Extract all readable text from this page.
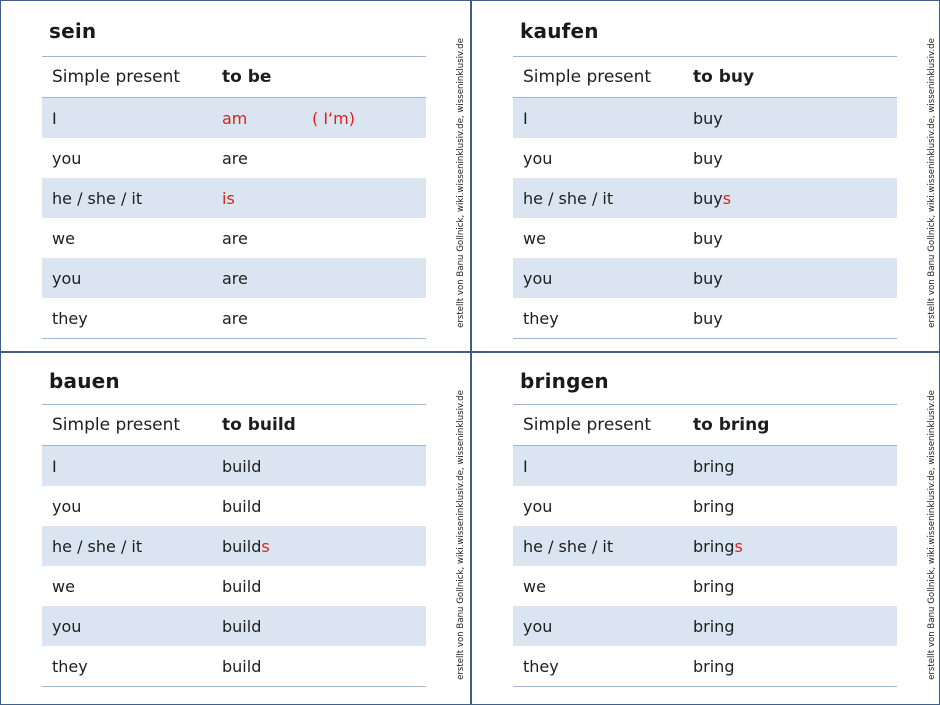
sein
Simple present to be
I	am	( I‘m)
you	are
he / she / it	is
we	are
you	are
they	are	erstellt von Banu Gollnick, wiki.wisseninklusiv.de, wisseninklusiv.de
kaufen
Simple present to buy
I	buy
you	buy
he / she / it	buys
we	buy
you	buy
they	buy	erstellt von Banu Gollnick, wiki.wisseninklusiv.de, wisseninklusiv.de
bauen
Simple present to build
I	build
you	build
he / she / it	builds
we	build
you	build
they	build	erstellt von Banu Gollnick, wiki.wisseninklusiv.de, wisseninklusiv.de
bringen
Simple present to bring
I	bring
you	bring
he / she / it	brings
we	bring
you	bring
they	bring	erstellt von Banu Gollnick, wiki.wisseninklusiv.de, wisseninklusiv.de
